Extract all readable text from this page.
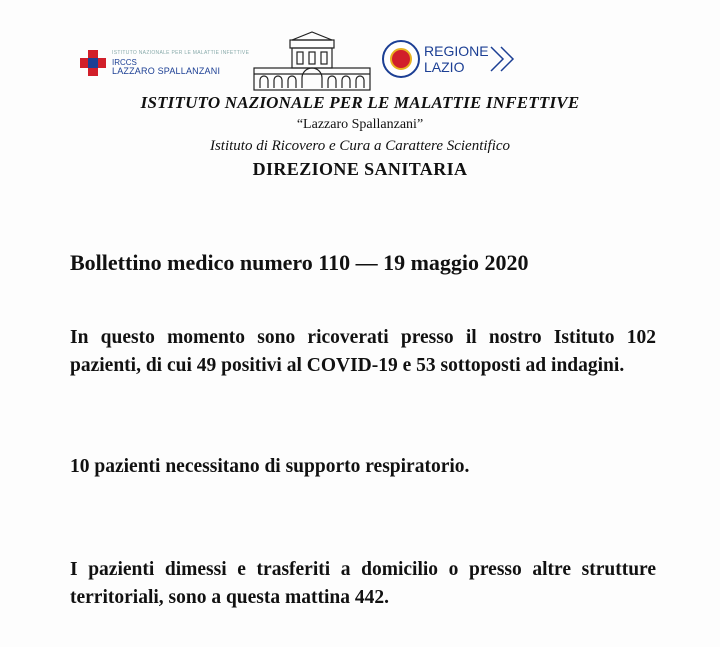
ISTITUTO NAZIONALE PER LE MALATTIE INFETTIVE
IRCCS
LAZZARO SPALLANZANI
REGIONE
LAZIO

ISTITUTO NAZIONALE PER LE MALATTIE INFETTIVE

“Lazzaro Spallanzani”

Istituto di Ricovero e Cura a Carattere Scientifico

DIREZIONE SANITARIA

Bollettino medico numero 110 — 19 maggio 2020
In questo momento sono ricoverati presso il nostro Istituto 102 pazienti, di cui 49 positivi al COVID-19 e 53 sottoposti ad indagini.
10 pazienti necessitano di supporto respiratorio.
I pazienti dimessi e trasferiti a domicilio o presso altre strutture territoriali, sono a questa mattina 442.
